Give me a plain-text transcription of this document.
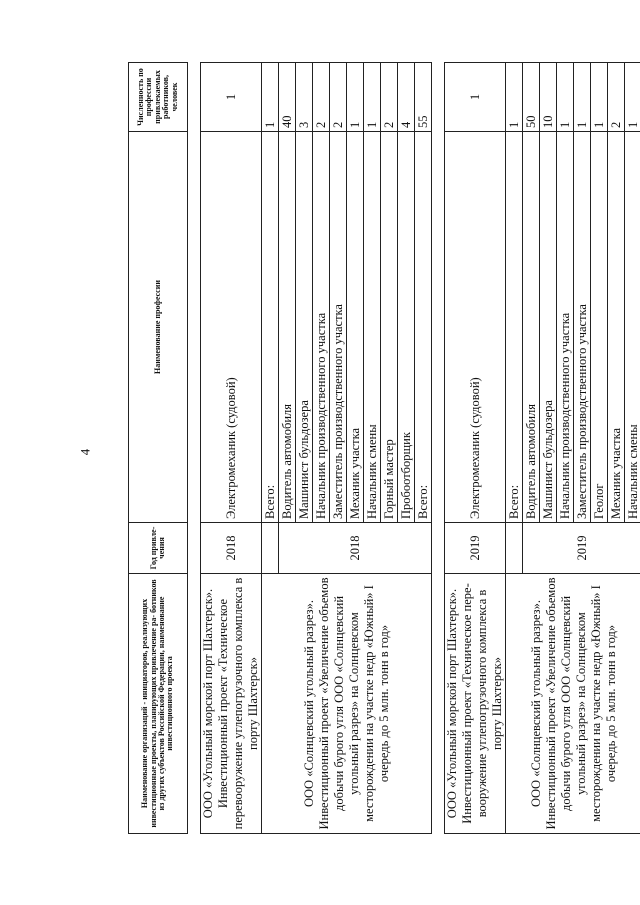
4
Наименование организаций - инициаторов, реализующих инвестиционные проекты, планирующих привлечение ра- ботников из других субъектов Российской Федерации, наименование инвестиционного проекта	Год привле- чения	Наименование профессии	Численность по профессии привлекаемых работников, человек

ООО «Угольный морской порт Шахтерск». Инвестиционный проект «Техническое перевооружение углепогрузочного комплекса в порту Шахтерск»	2018	Электромеханик (судовой)	1
ООО «Солнцевский угольный разрез». Инвестиционный проект «Увеличение объемов добычи бурого угля ООО «Солнцевский угольный разрез» на Солнцевском месторождении на участке недр «Южный» I очередь до 5 млн. тонн в год»		Всего:	1
	2018	Водитель автомобиля	40
		Машинист бульдозера	3
		Начальник производственного участка	2
		Заместитель производственного участка	2
		Механик участка	1
		Начальник смены	1
		Горный мастер	2
		Пробоотборщик	4
		Всего:	55

ООО «Угольный морской порт Шахтерск». Инвестиционный проект «Техническое пере- вооружение углепогрузочного комплекса в порту Шахтерск»	2019	Электромеханик (судовой)	1
ООО «Солнцевский угольный разрез». Инвестиционный проект «Увеличение объемов добычи бурого угля ООО «Солнцевский угольный разрез» на Солнцевском месторождении на участке недр «Южный» I очередь до 5 млн. тонн в год»		Всего:	1
	2019	Водитель автомобиля	50
		Машинист бульдозера	10
		Начальник производственного участка	1
		Заместитель производственного участка	1
		Геолог	1
		Механик участка	2
		Начальник смены	1
